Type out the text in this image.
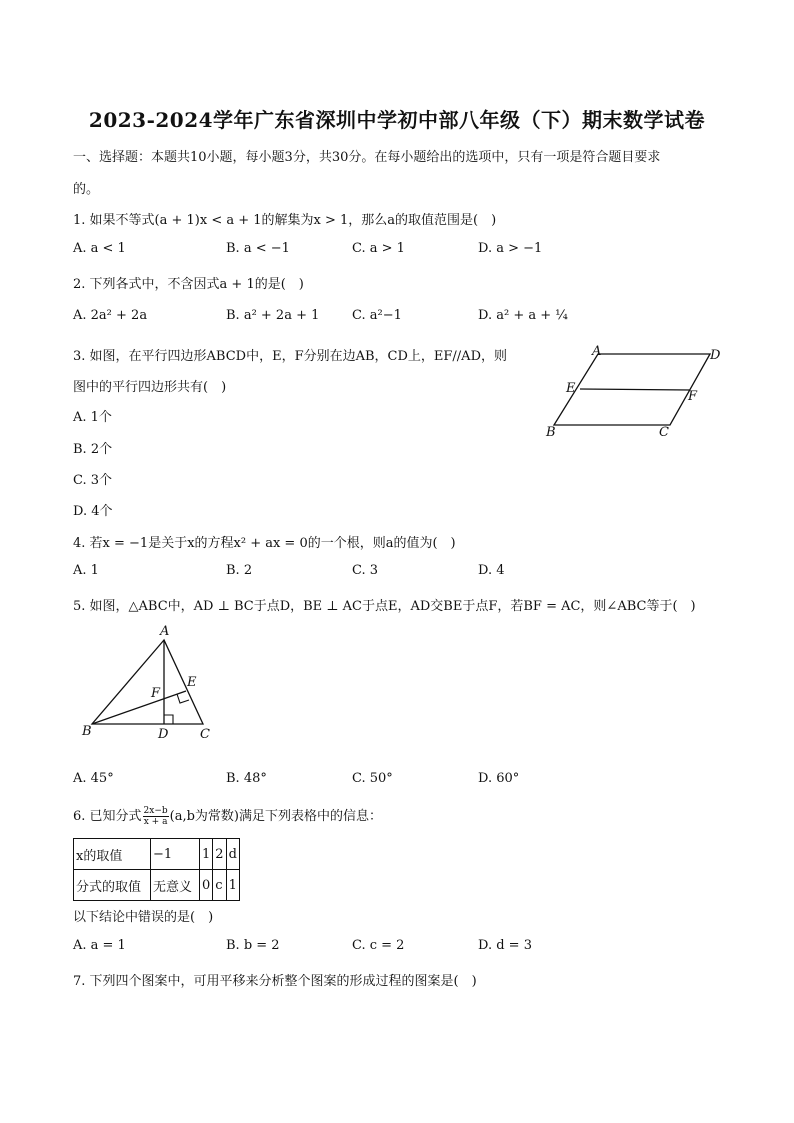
2023-2024学年广东省深圳中学初中部八年级（下）期末数学试卷
一、选择题：本题共10小题，每小题3分，共30分。在每小题给出的选项中，只有一项是符合题目要求
的。
1. 如果不等式(a + 1)x < a + 1的解集为x > 1，那么a的取值范围是(　)
A. a < 1	B. a < −1	C. a > 1	D. a > −1
2. 下列各式中，不含因式a + 1的是(　)
A. 2a² + 2a	B. a² + 2a + 1	C. a²−1	D. a² + a + ¼
3. 如图，在平行四边形ABCD中，E，F分别在边AB，CD上，EF//AD，则
图中的平行四边形共有(　)
A. 1个
B. 2个
C. 3个
D. 4个
A	D
E
F
B	C
4. 若x = −1是关于x的方程x² + ax = 0的一个根，则a的值为(　)
A. 1	B. 2	C. 3	D. 4
5. 如图，△ABC中，AD ⊥ BC于点D，BE ⊥ AC于点E，AD交BE于点F，若BF = AC，则∠ABC等于(　)
A
E
F
B	D C
A. 45°	B. 48°	C. 50°	D. 60°
6. 已知分式 $\frac{2x-b}{x + a} (a,b$为常数)满足下列表格中的信息：
x的取值	−1	1	2	d
分式的取值	无意义	0	c	1
以下结论中错误的是(　)
A. a = 1	B. b = 2	C. c = 2	D. d = 3
7. 下列四个图案中，可用平移来分析整个图案的形成过程的图案是(　)
